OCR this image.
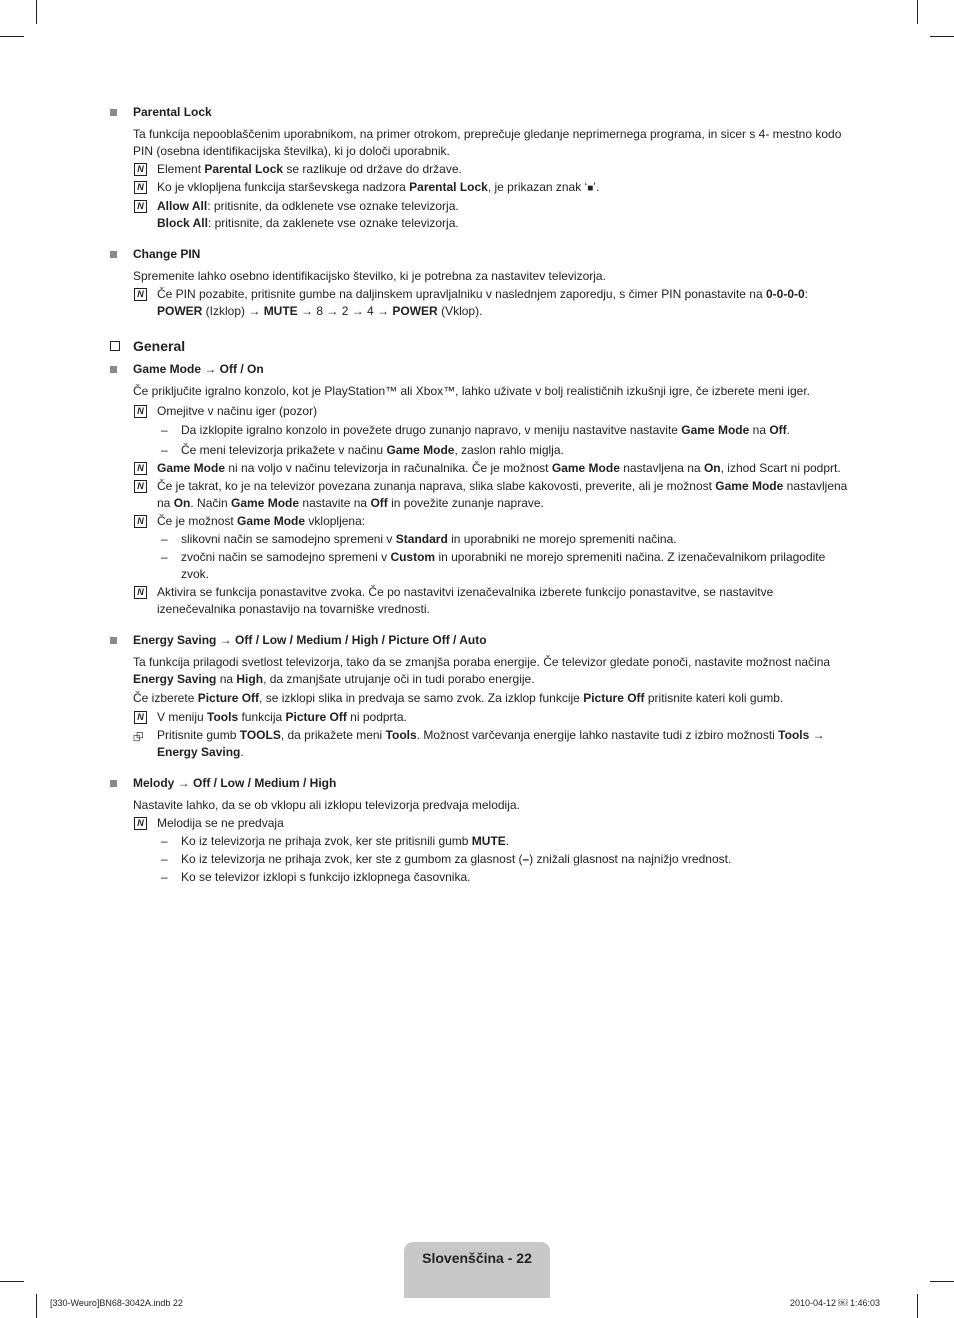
Parental Lock
Ta funkcija nepooblaščenim uporabnikom, na primer otrokom, preprečuje gledanje neprimernega programa, in sicer s 4- mestno kodo PIN (osebna identifikacijska številka), ki jo določi uporabnik.
N Element Parental Lock se razlikuje od države do države.
N Ko je vklopljena funkcija starševskega nadzora Parental Lock, je prikazan znak ‘■’.
N Allow All: pritisnite, da odklenete vse oznake televizorja.
Block All: pritisnite, da zaklenete vse oznake televizorja.
Change PIN
Spremenite lahko osebno identifikacijsko številko, ki je potrebna za nastavitev televizorja.
N Če PIN pozabite, pritisnite gumbe na daljinskem upravljalniku v naslednjem zaporedju, s čimer PIN ponastavite na 0-0-0-0:
POWER (Izklop) → MUTE → 8 → 2 → 4 → POWER (Vklop).
General
Game Mode → Off / On
Če priključite igralno konzolo, kot je PlayStation™ ali Xbox™, lahko uživate v bolj realističnih izkušnji igre, če izberete meni iger.
N Omejitve v načinu iger (pozor)
– Da izklopite igralno konzolo in povežete drugo zunanjo napravo, v meniju nastavitve nastavite Game Mode na Off.
– Če meni televizorja prikažete v načinu Game Mode, zaslon rahlo miglja.
N Game Mode ni na voljo v načinu televizorja in računalnika. Če je možnost Game Mode nastavljena na On, izhod Scart ni podprt.
N Če je takrat, ko je na televizor povezana zunanja naprava, slika slabe kakovosti, preverite, ali je možnost Game Mode nastavljena na On. Način Game Mode nastavite na Off in povežite zunanje naprave.
N Če je možnost Game Mode vklopljena:
– slikovni način se samodejno spremeni v Standard in uporabniki ne morejo spremeniti načina.
– zvočni način se samodejno spremeni v Custom in uporabniki ne morejo spremeniti načina. Z izenačevalnikom prilagodite zvok.
N Aktivira se funkcija ponastavitve zvoka. Če po nastavitvi izenačevalnika izberete funkcijo ponastavitve, se nastavitve izenečevalnika ponastavijo na tovarniške vrednosti.
Energy Saving → Off / Low / Medium / High / Picture Off / Auto
Ta funkcija prilagodi svetlost televizorja, tako da se zmanjša poraba energije. Če televizor gledate ponoči, nastavite možnost načina Energy Saving na High, da zmanjšate utrujanje oči in tudi porabo energije.
Če izberete Picture Off, se izklopi slika in predvaja se samo zvok. Za izklop funkcije Picture Off pritisnite kateri koli gumb.
N V meniju Tools funkcija Picture Off ni podprta.
⮺ Pritisnite gumb TOOLS, da prikažete meni Tools. Možnost varčevanja energije lahko nastavite tudi z izbiro možnosti Tools → Energy Saving.
Melody → Off / Low / Medium / High
Nastavite lahko, da se ob vklopu ali izklopu televizorja predvaja melodija.
N Melodija se ne predvaja
– Ko iz televizorja ne prihaja zvok, ker ste pritisnili gumb MUTE.
– Ko iz televizorja ne prihaja zvok, ker ste z gumbom za glasnost (–) znižali glasnost na najnižjo vrednost.
– Ko se televizor izklopi s funkcijo izklopnega časovnika.
Slovenščina - 22
[330-Weuro]BN68-3042A.indb 22	2010-04-12 ￼ 1:46:03
